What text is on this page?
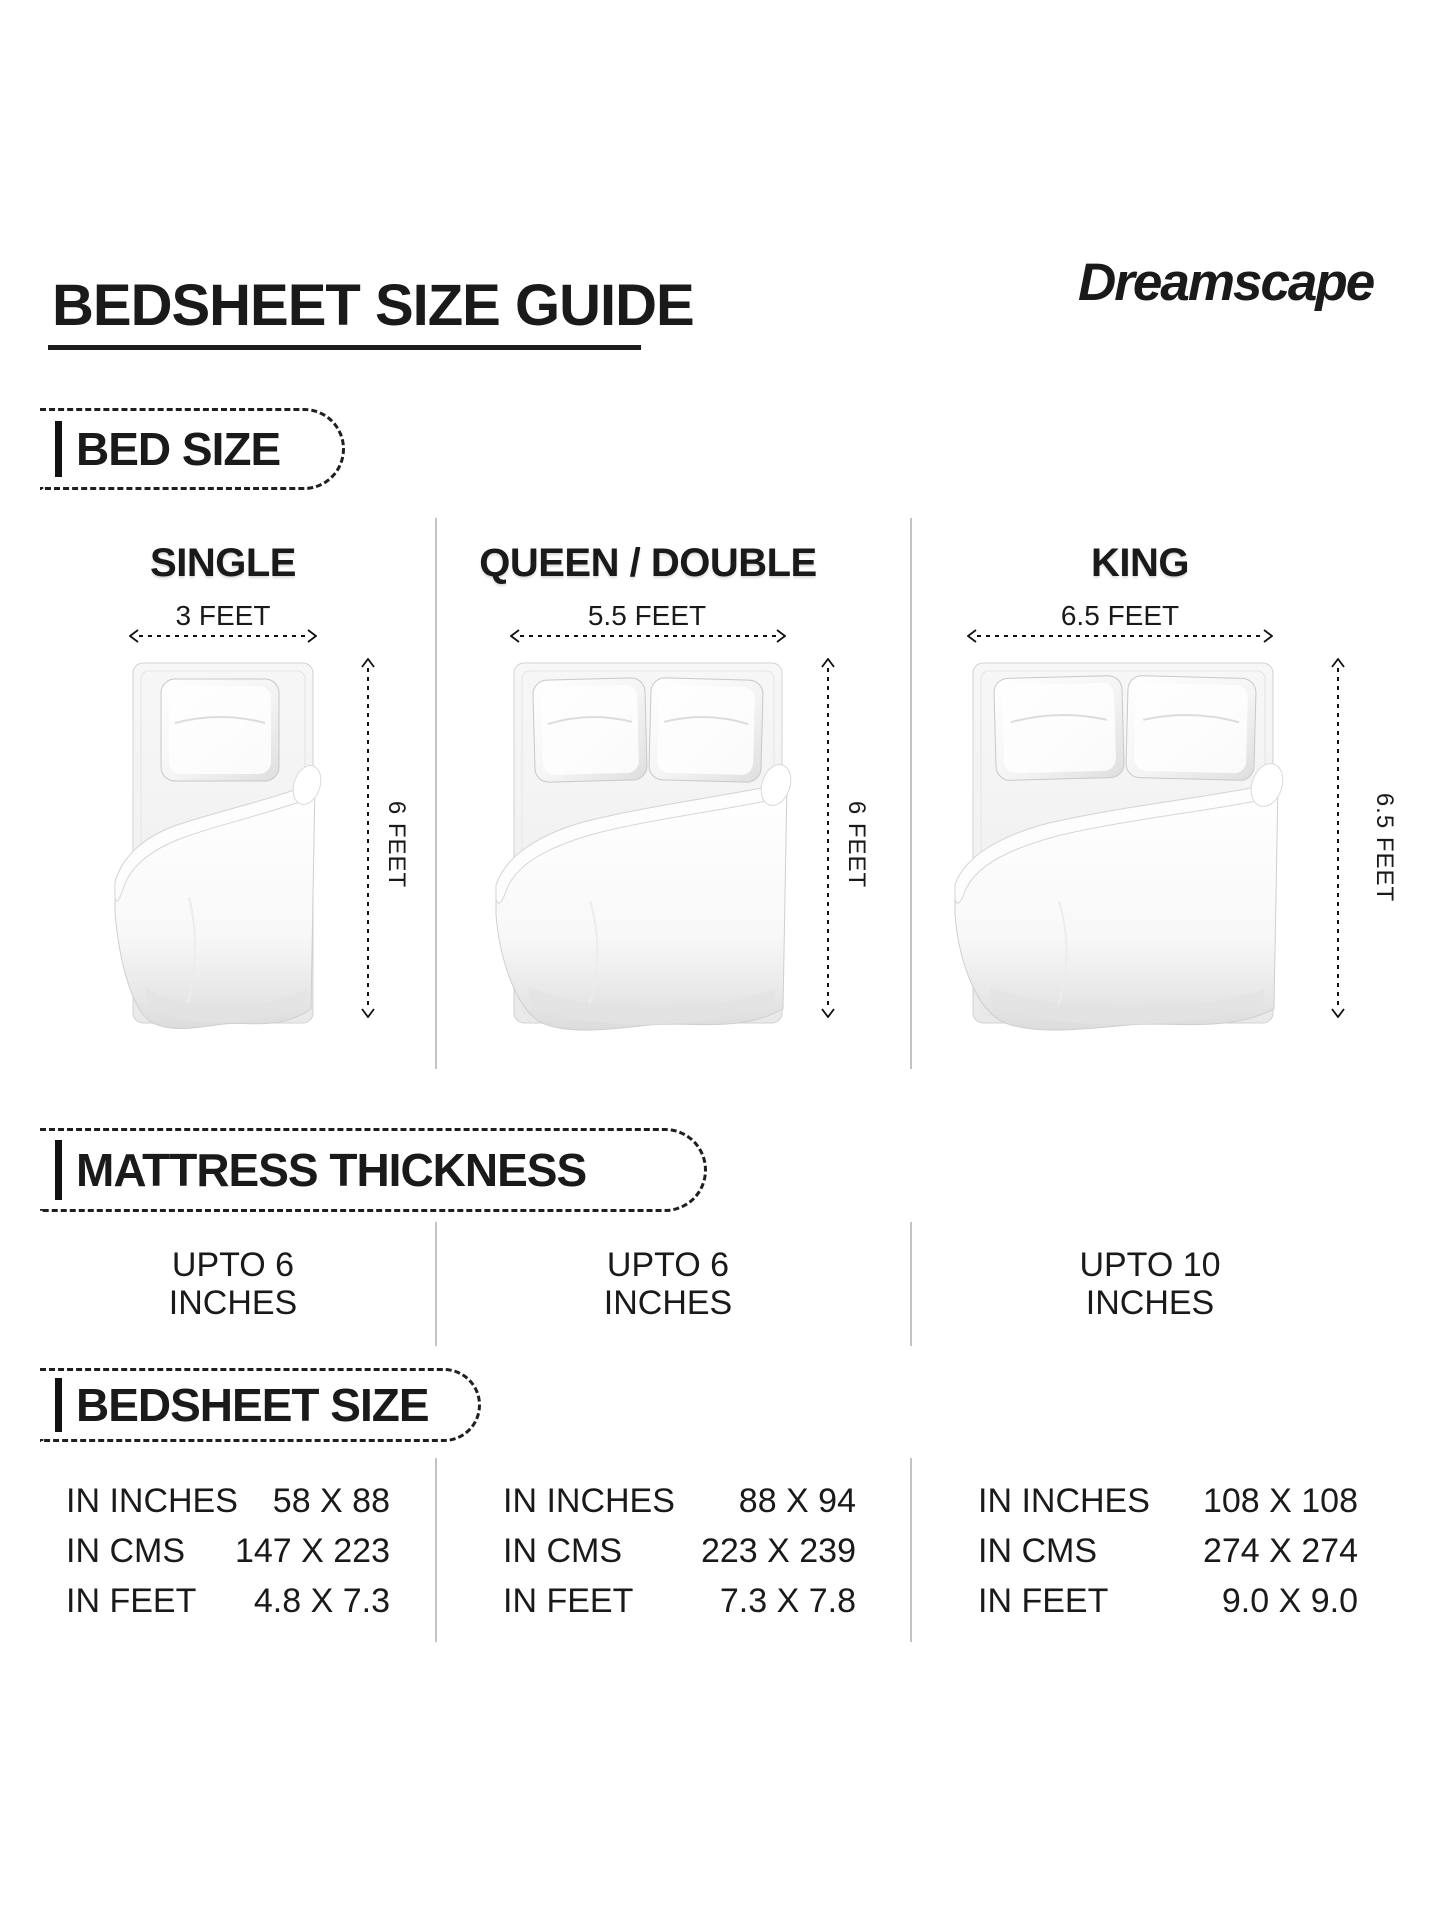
BEDSHEET SIZE GUIDE	Dreamscape
BED SIZE
SINGLE	QUEEN / DOUBLE	KING
3 FEET	5.5 FEET	6.5 FEET
6 FEET	6 FEET	6.5 FEET
MATTRESS THICKNESS
UPTO 6
INCHES
UPTO 6
INCHES
UPTO 10
INCHES
BEDSHEET SIZE
IN INCHES 58 X 88
IN CMS 147 X 223
IN FEET 4.8 X 7.3
IN INCHES 88 X 94
IN CMS 223 X 239
IN FEET	7.3 X 7.8
IN INCHES 108 X 108
IN CMS	274 X 274
IN FEET	9.0 X 9.0
